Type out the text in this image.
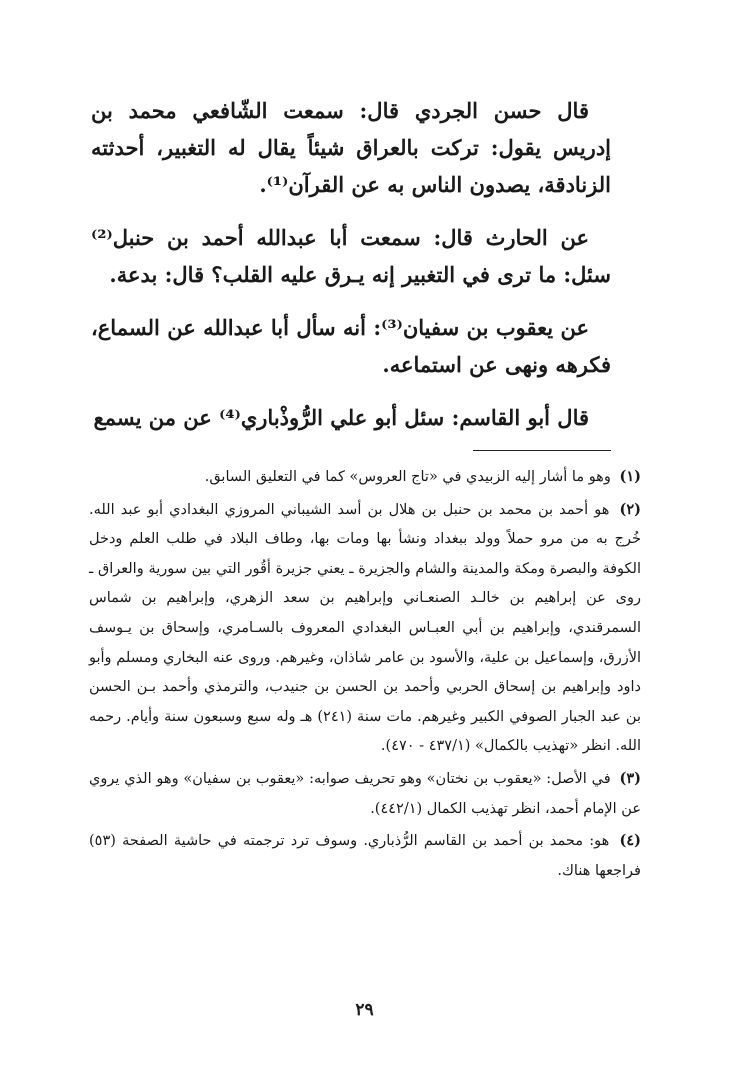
قال حسن الجردي قال: سمعت الشّافعي محمد بن إدريس يقول: تركت بالعراق شيئاً يقال له التغبير، أحدثته الزنادقة، يصدون الناس به عن القرآن⁽¹⁾.

عن الحارث قال: سمعت أبا عبدالله أحمد بن حنبل⁽²⁾ سئل: ما ترى في التغبير إنه يـرق عليه القلب؟ قال: بدعة.

عن يعقوب بن سفيان⁽³⁾: أنه سأل أبا عبدالله عن السماع، فكرهه ونهى عن استماعه.

قال أبو القاسم: سئل أبو علي الرُّوذْباري⁽⁴⁾ عن من يسمع

(١) وهو ما أشار إليه الزبيدي في «تاج العروس» كما في التعليق السابق.

(٢) هو أحمد بن محمد بن حنبل بن هلال بن أسد الشيباني المروزي البغدادي أبو عبد الله. خُرج به من مرو حملاً وولد ببغداد ونشأ بها ومات بها، وطاف البلاد في طلب العلم ودخل الكوفة والبصرة ومكة والمدينة والشام والجزيرة ـ يعني جزيرة أقُور التي بين سورية والعراق ـ روى عن إبراهيم بن خالـد الصنعـاني وإبراهيم بن سعد الزهري، وإبراهيم بن شماس السمرقندي، وإبراهيم بن أبي العبـاس البغدادي المعروف بالسـامري، وإسحاق بن يـوسف الأزرق، وإسماعيل بن علية، والأسود بن عامر شاذان، وغيرهم. وروى عنه البخاري ومسلم وأبو داود وإبراهيم بن إسحاق الحربي وأحمد بن الحسن بن جنيدب، والترمذي وأحمد بـن الحسن بن عبد الجبار الصوفي الكبير وغيرهم. مات سنة (٢٤١) هـ وله سبع وسبعون سنة وأيام. رحمه الله. انظر «تهذيب بالكمال» (٤٣٧/١ - ٤٧٠).

(٣) في الأصل: «يعقوب بن نختان» وهو تحريف صوابه: «يعقوب بن سفيان» وهو الذي يروي عن الإمام أحمد، انظر تهذيب الكمال (٤٤٢/١).

(٤) هو: محمد بن أحمد بن القاسم الرُّذباري. وسوف ترد ترجمته في حاشية الصفحة (٥٣) فراجعها هناك.

٢٩
